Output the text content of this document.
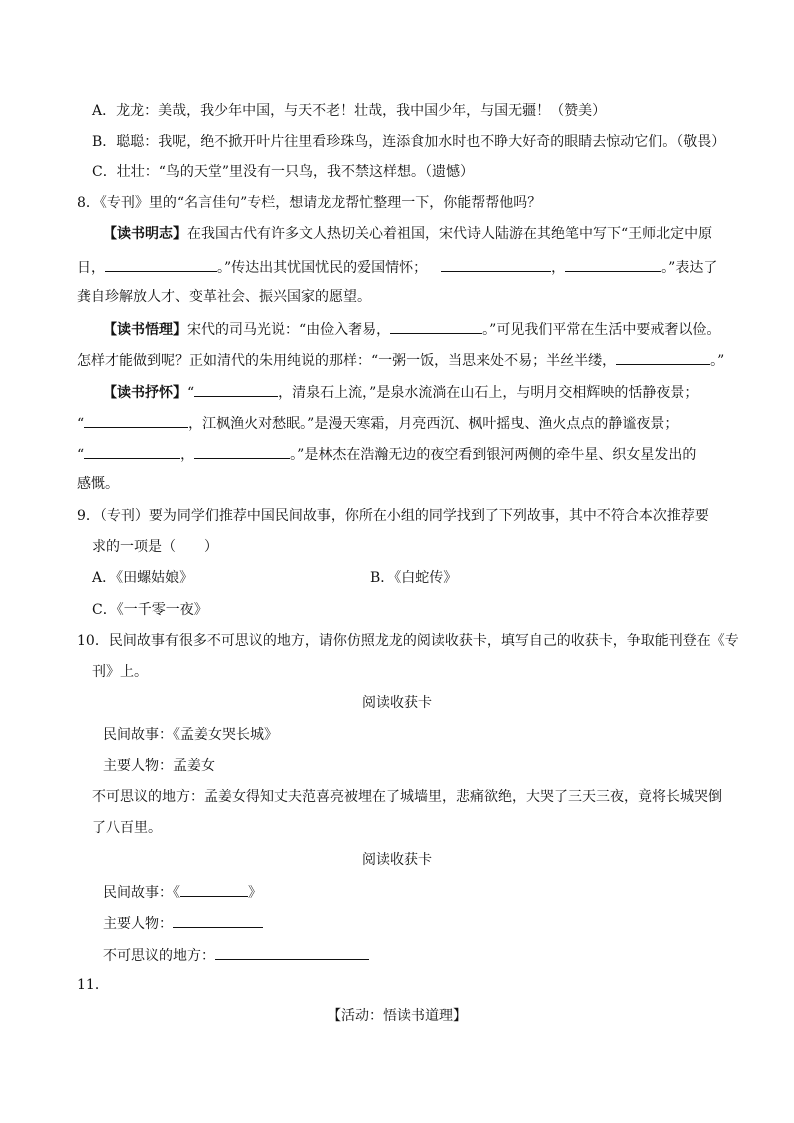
A．龙龙：美哉，我少年中国，与天不老！壮哉，我中国少年，与国无疆！（赞美）
B．聪聪：我呢，绝不掀开叶片往里看珍珠鸟，连添食加水时也不睁大好奇的眼睛去惊动它们。（敬畏）
C．壮壮：“鸟的天堂”里没有一只鸟，我不禁这样想。（遗憾）
8．《专刊》里的“名言佳句”专栏，想请龙龙帮忙整理一下，你能帮帮他吗？
【读书明志】在我国古代有许多文人热切关心着祖国，宋代诗人陆游在其绝笔中写下“王师北定中原
日，	。”传达出其忧国忧民的爱国情怀；	，	。”表达了
龚自珍解放人才、变革社会、振兴国家的愿望。
【读书悟理】宋代的司马光说：“由俭入奢易，	。”可见我们平常在生活中要戒奢以俭。
怎样才能做到呢？正如清代的朱用纯说的那样：“一粥一饭，当思来处不易；半丝半缕，	。”
【读书抒怀】“	，清泉石上流，”是泉水流淌在山石上，与明月交相辉映的恬静夜景；
“	，江枫渔火对愁眠。”是漫天寒霜，月亮西沉、枫叶摇曳、渔火点点的静谧夜景；
“	，	。”是林杰在浩瀚无边的夜空看到银河两侧的牵牛星、织女星发出的
感慨。
9．（专刊）要为同学们推荐中国民间故事，你所在小组的同学找到了下列故事，其中不符合本次推荐要
求的一项是（　　）
A．《田螺姑娘》	B．《白蛇传》
C．《一千零一夜》
10．民间故事有很多不可思议的地方，请你仿照龙龙的阅读收获卡，填写自己的收获卡，争取能刊登在《专
刊》上。
阅读收获卡
民间故事：《孟姜女哭长城》
主要人物：孟姜女
不可思议的地方：孟姜女得知丈夫范喜亮被埋在了城墙里，悲痛欲绝，大哭了三天三夜，竟将长城哭倒
了八百里。
阅读收获卡
民间故事：《	》
主要人物：
不可思议的地方：
11．
【活动：悟读书道理】
